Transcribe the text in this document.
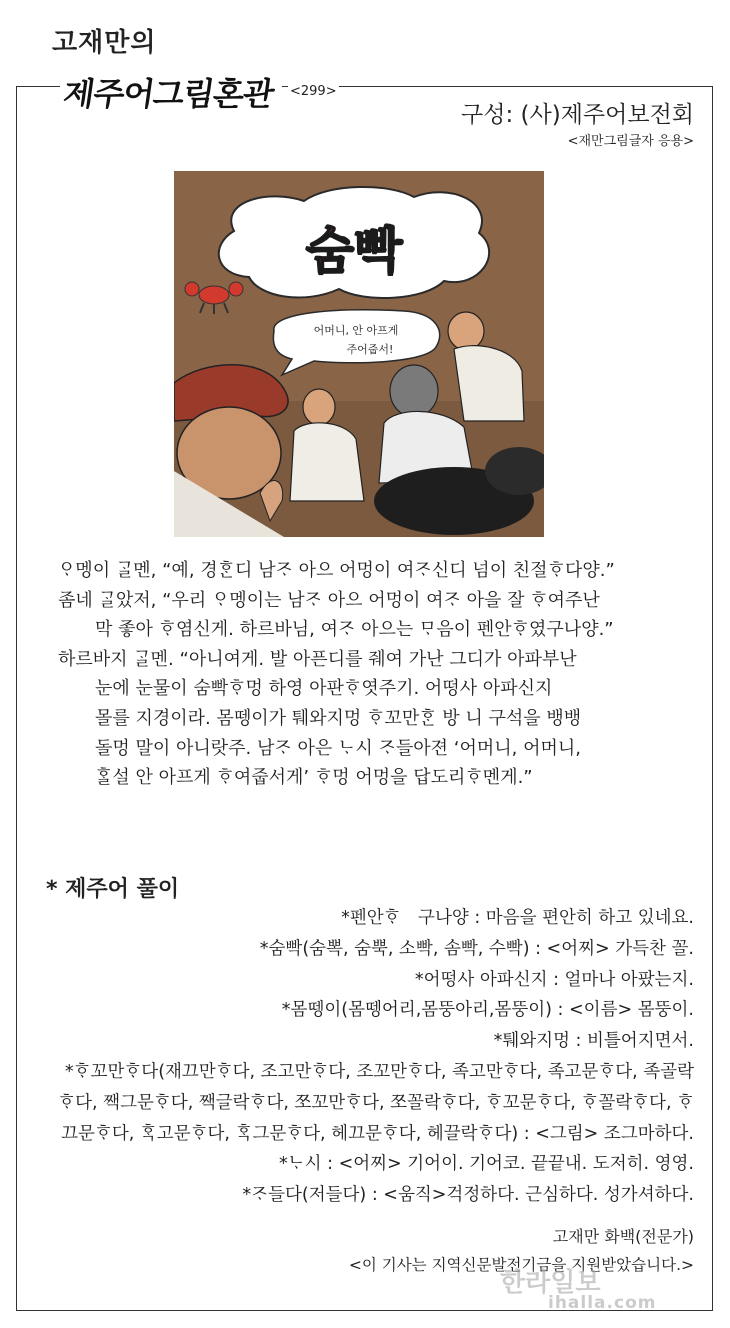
고재만의
제주어그림혼관 <299>
구성: (사)제주어보전회
<재만그림글자 응용>
숨빡
어머니, 안 아프게
주어줍서!

ᄋᆞ멩이 ᄀᆞᆯ멘, “예, 경ᄒᆞᆫ디 남ᄌᆞ 아으 어멍이 여ᄌᆞ신디 넘이 친절ᄒᆞ다양.”

좀네 ᄀᆞᆯ았저, “우리 ᄋᆞ멩이는 남ᄌᆞ 아으 어멍이 여ᄌᆞ 아을 잘 ᄒᆞ여주난

막 좋아 ᄒᆞ염신게. 하르바님, 여ᄌᆞ 아으는 ᄆᆞ음이 펜안ᄒᆞ였구나양.”

하르바지 ᄀᆞᆯ멘. “아니여게. 발 아픈디를 줴여 가난 그디가 아파부난

눈에 눈물이 숨빡ᄒᆞ멍 하영 아판ᄒᆞ엿주기. 어떵사 아파신지

몰를 지경이라. 몸뗑이가 퉤와지멍 ᄒᆞ꼬만ᄒᆞᆫ 방 니 구석을 뱅뱅

돌멍 말이 아니랏주. 남ᄌᆞ 아은 ᄂᆞ시 ᄌᆞ들아젼 ‘어머니, 어머니,

ᄒᆞᆯ설 안 아프게 ᄒᆞ여줍서게’ ᄒᆞ멍 어멍을 답도리ᄒᆞ멘게.”

* 제주어 풀이

*펜안ᄒᆞ　구나양 : 마음을 편안히 하고 있네요.

*숨빡(숨뽁, 숨뿍, 소빡, 솜빡, 수빡) : <어찌> 가득찬 꼴.

*어떵사 아파신지 : 얼마나 아팠는지.

*몸뗑이(몸뗑어리,몸뚱아리,몸뚱이) : <이름> 몸뚱이.

*퉤와지멍 : 비틀어지면서.

*ᄒᆞ꼬만ᄒᆞ다(재끄만ᄒᆞ다, 조고만ᄒᆞ다, 조꼬만ᄒᆞ다, 족고만ᄒᆞ다, 족고문ᄒᆞ다, 족골락

ᄒᆞ다, 짹그문ᄒᆞ다, 짹글락ᄒᆞ다, 쪼꼬만ᄒᆞ다, 쪼꼴락ᄒᆞ다, ᄒᆞ꼬문ᄒᆞ다, ᄒᆞ꼴락ᄒᆞ다, ᄒᆞ

끄문ᄒᆞ다, ᄒᆞᆨ고문ᄒᆞ다, ᄒᆞᆨ그문ᄒᆞ다, 헤끄문ᄒᆞ다, 헤끌락ᄒᆞ다) : <그림> 조그마하다.

*ᄂᆞ시 : <어찌> 기어이. 기어코. 끝끝내. 도저히. 영영.

*ᄌᆞ들다(저들다) : <움직>걱정하다. 근심하다. 성가셔하다.

고재만 화백(전문가)
<이 기사는 지역신문발전기금을 지원받았습니다.>
한라일보
ihalla.com
